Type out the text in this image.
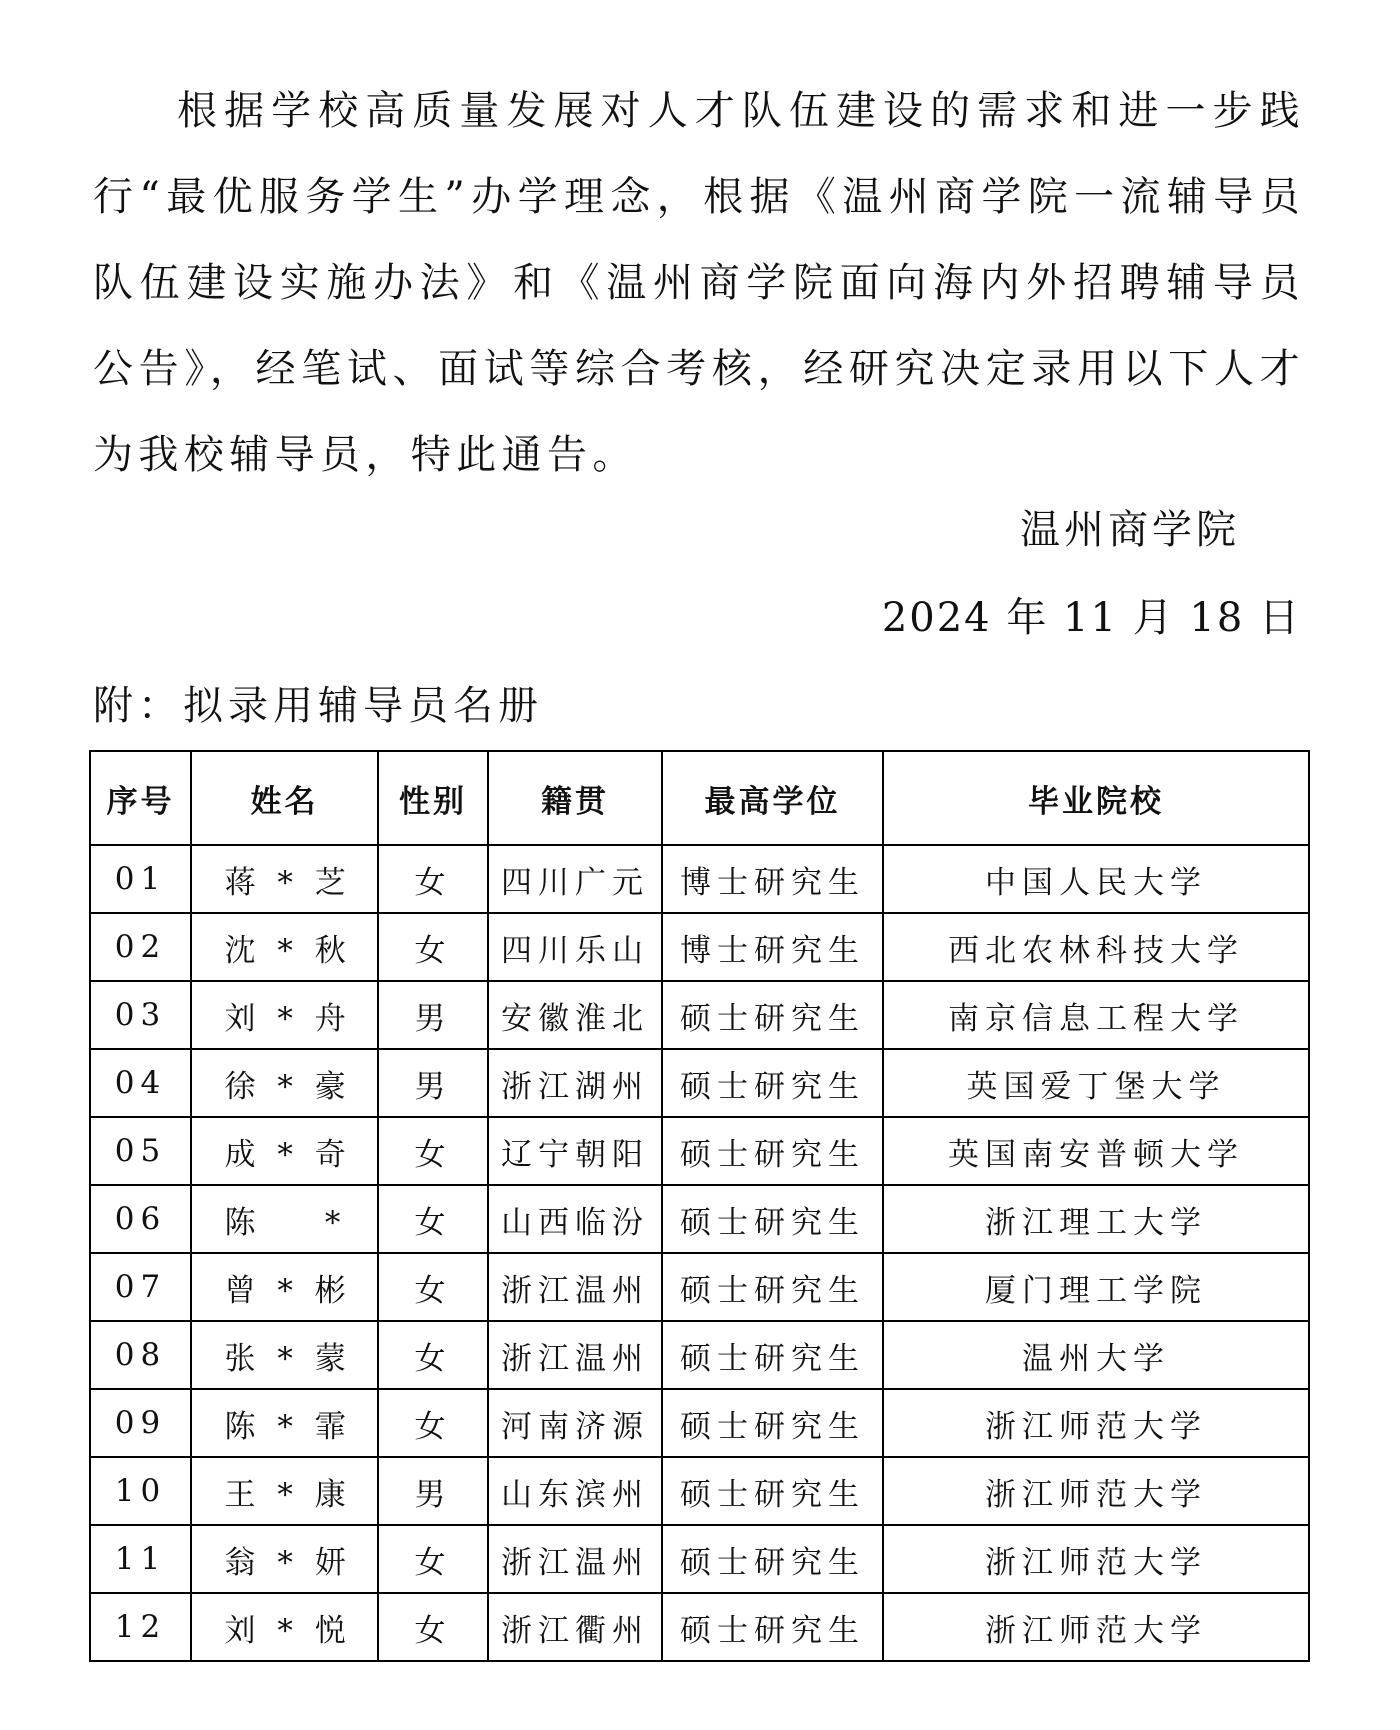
根据学校高质量发展对人才队伍建设的需求和进一步践行“最优服务学生”办学理念，根据《温州商学院一流辅导员队伍建设实施办法》和《温州商学院面向海内外招聘辅导员公告》，经笔试、面试等综合考核，经研究决定录用以下人才为我校辅导员，特此通告。

温州商学院
2024 年 11 月 18 日
附：拟录用辅导员名册
序号	姓名	性别	籍贯	最高学位	毕业院校
01	蒋 * 芝	女	四川广元	博士研究生	中国人民大学
02	沈 * 秋	女	四川乐山	博士研究生	西北农林科技大学
03	刘 * 舟	男	安徽淮北	硕士研究生	南京信息工程大学
04	徐 * 豪	男	浙江湖州	硕士研究生	英国爱丁堡大学
05	成 * 奇	女	辽宁朝阳	硕士研究生	英国南安普顿大学
06	陈    *	女	山西临汾	硕士研究生	浙江理工大学
07	曾 * 彬	女	浙江温州	硕士研究生	厦门理工学院
08	张 * 蒙	女	浙江温州	硕士研究生	温州大学
09	陈 * 霏	女	河南济源	硕士研究生	浙江师范大学
10	王 * 康	男	山东滨州	硕士研究生	浙江师范大学
11	翁 * 妍	女	浙江温州	硕士研究生	浙江师范大学
12	刘 * 悦	女	浙江衢州	硕士研究生	浙江师范大学
